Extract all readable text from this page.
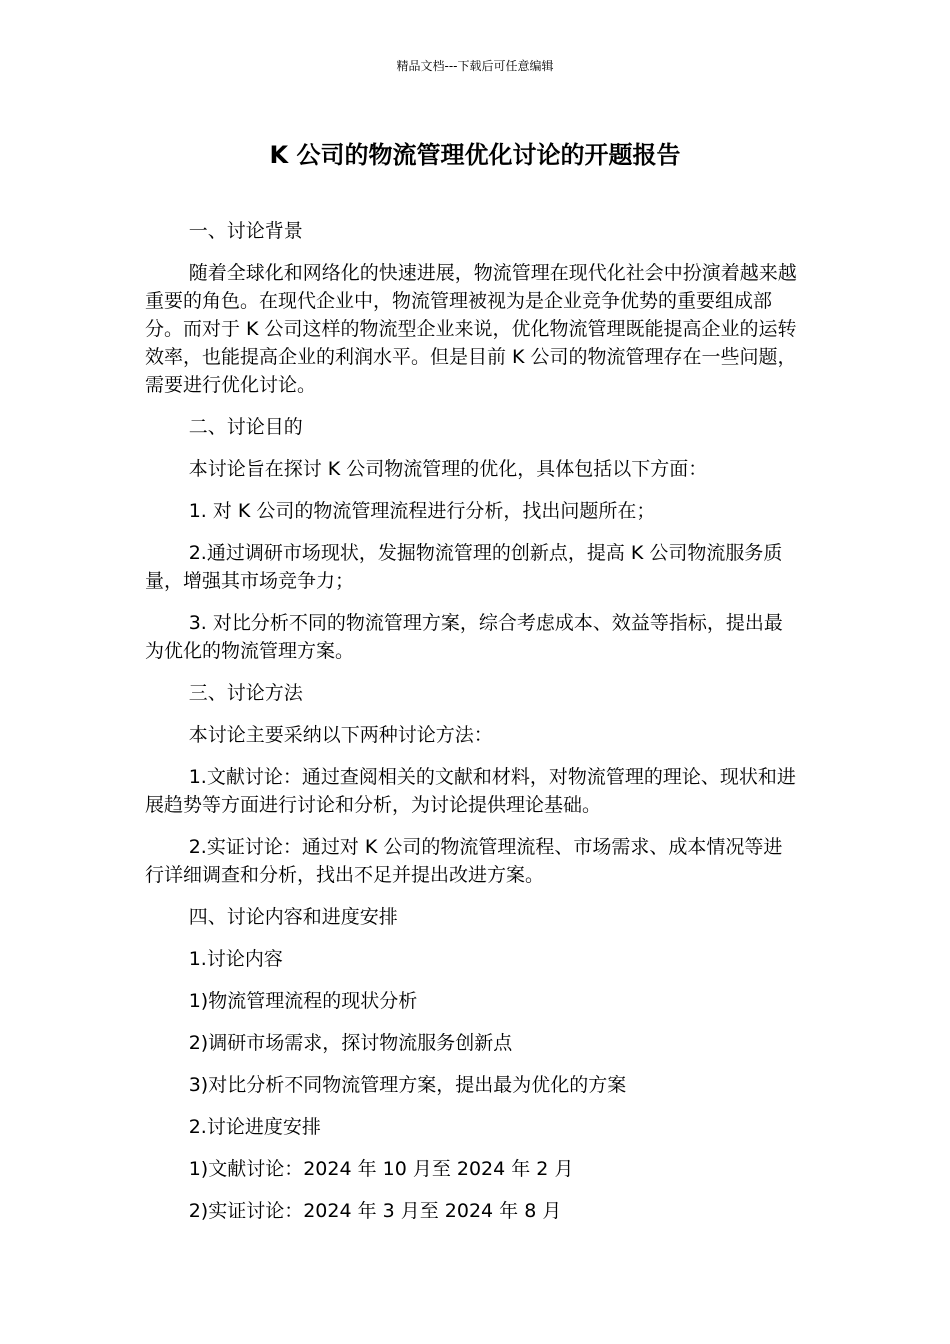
精品文档---下载后可任意编辑
K 公司的物流管理优化讨论的开题报告

一、讨论背景

随着全球化和网络化的快速进展，物流管理在现代化社会中扮演着越来越重要的角色。在现代企业中，物流管理被视为是企业竞争优势的重要组成部分。而对于 K 公司这样的物流型企业来说，优化物流管理既能提高企业的运转效率，也能提高企业的利润水平。但是目前 K 公司的物流管理存在一些问题，需要进行优化讨论。

二、讨论目的

本讨论旨在探讨 K 公司物流管理的优化，具体包括以下方面：

1. 对 K 公司的物流管理流程进行分析，找出问题所在；

2.通过调研市场现状，发掘物流管理的创新点，提高 K 公司物流服务质量，增强其市场竞争力；

3. 对比分析不同的物流管理方案，综合考虑成本、效益等指标，提出最为优化的物流管理方案。

三、讨论方法

本讨论主要采纳以下两种讨论方法：

1.文献讨论：通过查阅相关的文献和材料，对物流管理的理论、现状和进展趋势等方面进行讨论和分析，为讨论提供理论基础。

2.实证讨论：通过对 K 公司的物流管理流程、市场需求、成本情况等进行详细调查和分析，找出不足并提出改进方案。

四、讨论内容和进度安排

1.讨论内容

1)物流管理流程的现状分析

2)调研市场需求，探讨物流服务创新点

3)对比分析不同物流管理方案，提出最为优化的方案

2.讨论进度安排

1)文献讨论：2024 年 10 月至 2024 年 2 月

2)实证讨论：2024 年 3 月至 2024 年 8 月
